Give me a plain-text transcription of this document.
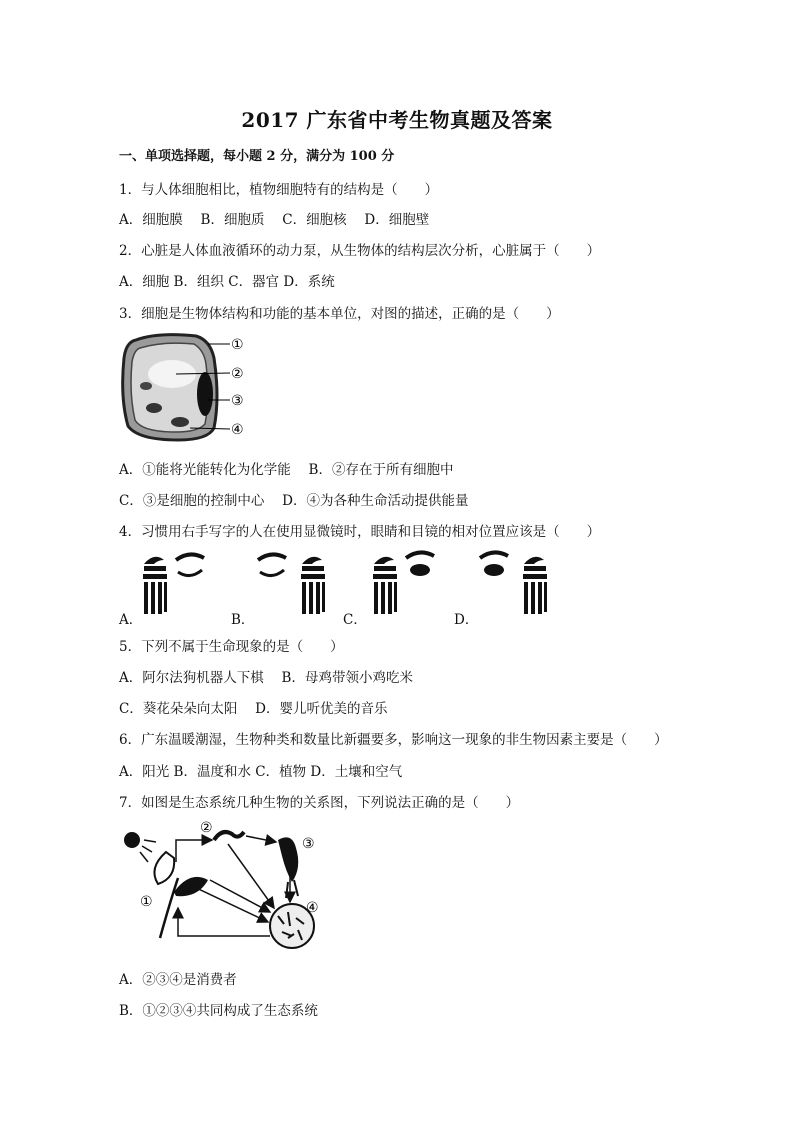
2017 广东省中考生物真题及答案
一、单项选择题，每小题 2 分，满分为 100 分
1．与人体细胞相比，植物细胞特有的结构是（　　）
A．细胞膜　 B．细胞质　 C．细胞核　 D．细胞壁
2．心脏是人体血液循环的动力泵，从生物体的结构层次分析，心脏属于（　　）
A．细胞 B．组织 C．器官 D．系统
3．细胞是生物体结构和功能的基本单位，对图的描述，正确的是（　　）
①
②
③
④
A．①能将光能转化为化学能　 B．②存在于所有细胞中
C．③是细胞的控制中心　 D．④为各种生命活动提供能量
4．习惯用右手写字的人在使用显微镜时，眼睛和目镜的相对位置应该是（　　）
A．	B．	C．	D．
5．下列不属于生命现象的是（　　）
A．阿尔法狗机器人下棋　 B．母鸡带领小鸡吃米
C．葵花朵朵向太阳　 D．婴儿听优美的音乐
6．广东温暖潮湿，生物种类和数量比新疆要多，影响这一现象的非生物因素主要是（　　）
A．阳光 B．温度和水 C．植物 D．土壤和空气
7．如图是生态系统几种生物的关系图，下列说法正确的是（　　）
①
②
③
④
A．②③④是消费者
B．①②③④共同构成了生态系统
